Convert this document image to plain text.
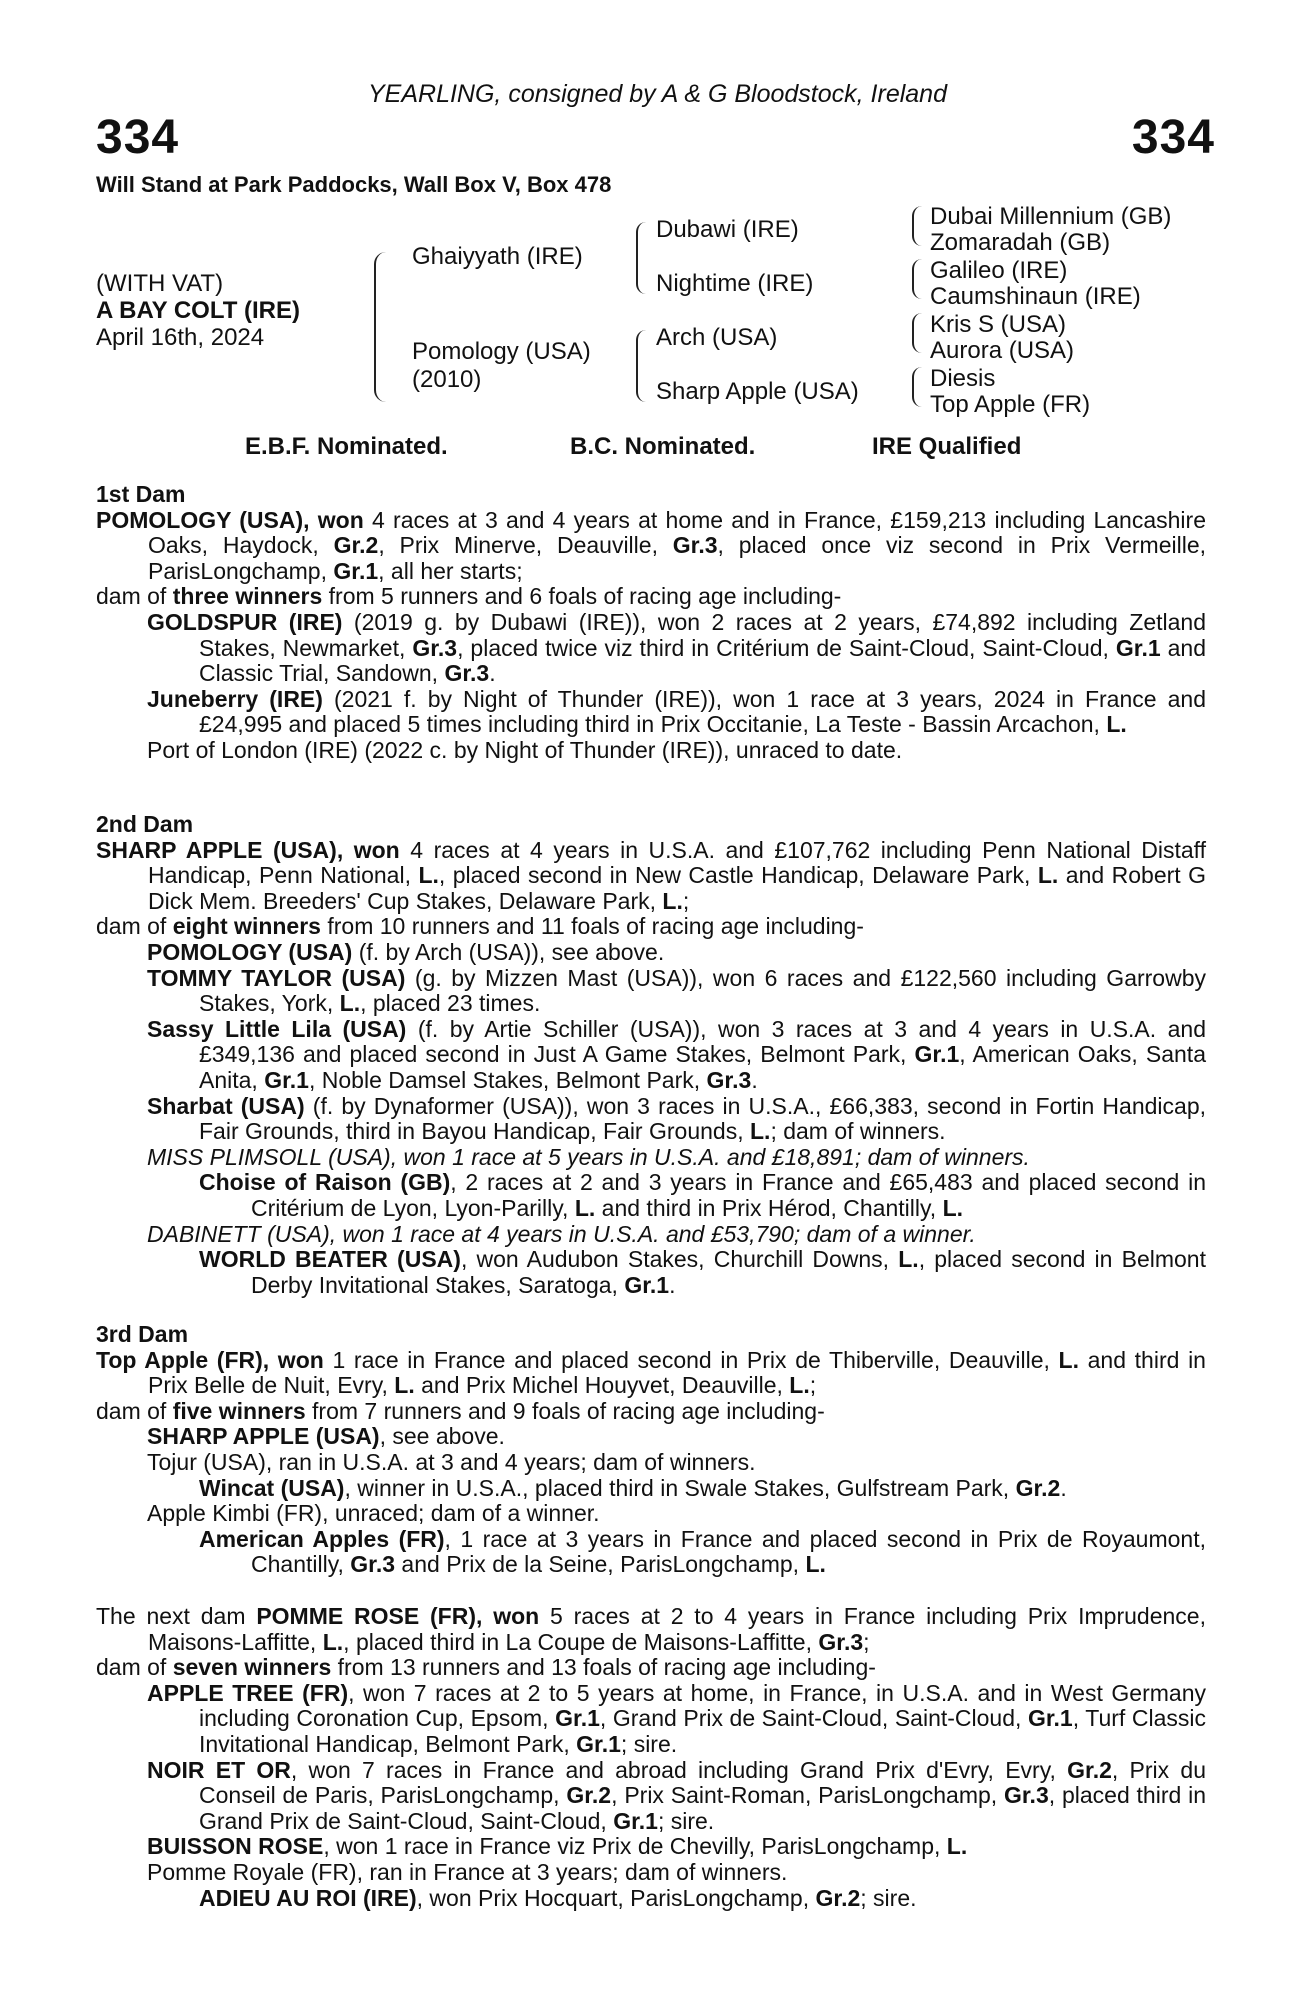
YEARLING, consigned by A & G Bloodstock, Ireland
334	334
Will Stand at Park Paddocks, Wall Box V, Box 478
(WITH VAT)
A BAY COLT (IRE)
April 16th, 2024
Ghaiyyath (IRE)
Pomology (USA)
(2010)
Dubawi (IRE)
Nightime (IRE)
Arch (USA)
Sharp Apple (USA)
Dubai Millennium (GB)
Zomaradah (GB)
Galileo (IRE)
Caumshinaun (IRE)
Kris S (USA)
Aurora (USA)
Diesis
Top Apple (FR)
E.B.F. Nominated.	B.C. Nominated.	IRE Qualified

1st Dam

POMOLOGY (USA), won 4 races at 3 and 4 years at home and in France, £159,213 including Lancashire Oaks, Haydock, Gr.2, Prix Minerve, Deauville, Gr.3, placed once viz second in Prix Vermeille, ParisLongchamp, Gr.1, all her starts;

dam of three winners from 5 runners and 6 foals of racing age including-

GOLDSPUR (IRE) (2019 g. by Dubawi (IRE)), won 2 races at 2 years, £74,892 including Zetland Stakes, Newmarket, Gr.3, placed twice viz third in Critérium de Saint-Cloud, Saint-Cloud, Gr.1 and Classic Trial, Sandown, Gr.3.

Juneberry (IRE) (2021 f. by Night of Thunder (IRE)), won 1 race at 3 years, 2024 in France and £24,995 and placed 5 times including third in Prix Occitanie, La Teste - Bassin Arcachon, L.

Port of London (IRE) (2022 c. by Night of Thunder (IRE)), unraced to date.

2nd Dam

SHARP APPLE (USA), won 4 races at 4 years in U.S.A. and £107,762 including Penn National Distaff Handicap, Penn National, L., placed second in New Castle Handicap, Delaware Park, L. and Robert G Dick Mem. Breeders' Cup Stakes, Delaware Park, L.;

dam of eight winners from 10 runners and 11 foals of racing age including-

POMOLOGY (USA) (f. by Arch (USA)), see above.

TOMMY TAYLOR (USA) (g. by Mizzen Mast (USA)), won 6 races and £122,560 including Garrowby Stakes, York, L., placed 23 times.

Sassy Little Lila (USA) (f. by Artie Schiller (USA)), won 3 races at 3 and 4 years in U.S.A. and £349,136 and placed second in Just A Game Stakes, Belmont Park, Gr.1, American Oaks, Santa Anita, Gr.1, Noble Damsel Stakes, Belmont Park, Gr.3.

Sharbat (USA) (f. by Dynaformer (USA)), won 3 races in U.S.A., £66,383, second in Fortin Handicap, Fair Grounds, third in Bayou Handicap, Fair Grounds, L.; dam of winners.

MISS PLIMSOLL (USA), won 1 race at 5 years in U.S.A. and £18,891; dam of winners.

Choise of Raison (GB), 2 races at 2 and 3 years in France and £65,483 and placed second in Critérium de Lyon, Lyon-Parilly, L. and third in Prix Hérod, Chantilly, L.

DABINETT (USA), won 1 race at 4 years in U.S.A. and £53,790; dam of a winner.

WORLD BEATER (USA), won Audubon Stakes, Churchill Downs, L., placed second in Belmont Derby Invitational Stakes, Saratoga, Gr.1.

3rd Dam

Top Apple (FR), won 1 race in France and placed second in Prix de Thiberville, Deauville, L. and third in Prix Belle de Nuit, Evry, L. and Prix Michel Houyvet, Deauville, L.;

dam of five winners from 7 runners and 9 foals of racing age including-

SHARP APPLE (USA), see above.

Tojur (USA), ran in U.S.A. at 3 and 4 years; dam of winners.

Wincat (USA), winner in U.S.A., placed third in Swale Stakes, Gulfstream Park, Gr.2.

Apple Kimbi (FR), unraced; dam of a winner.

American Apples (FR), 1 race at 3 years in France and placed second in Prix de Royaumont, Chantilly, Gr.3 and Prix de la Seine, ParisLongchamp, L.

The next dam POMME ROSE (FR), won 5 races at 2 to 4 years in France including Prix Imprudence, Maisons-Laffitte, L., placed third in La Coupe de Maisons-Laffitte, Gr.3;

dam of seven winners from 13 runners and 13 foals of racing age including-

APPLE TREE (FR), won 7 races at 2 to 5 years at home, in France, in U.S.A. and in West Germany including Coronation Cup, Epsom, Gr.1, Grand Prix de Saint-Cloud, Saint-Cloud, Gr.1, Turf Classic Invitational Handicap, Belmont Park, Gr.1; sire.

NOIR ET OR, won 7 races in France and abroad including Grand Prix d'Evry, Evry, Gr.2, Prix du Conseil de Paris, ParisLongchamp, Gr.2, Prix Saint-Roman, ParisLongchamp, Gr.3, placed third in Grand Prix de Saint-Cloud, Saint-Cloud, Gr.1; sire.

BUISSON ROSE, won 1 race in France viz Prix de Chevilly, ParisLongchamp, L.

Pomme Royale (FR), ran in France at 3 years; dam of winners.

ADIEU AU ROI (IRE), won Prix Hocquart, ParisLongchamp, Gr.2; sire.
